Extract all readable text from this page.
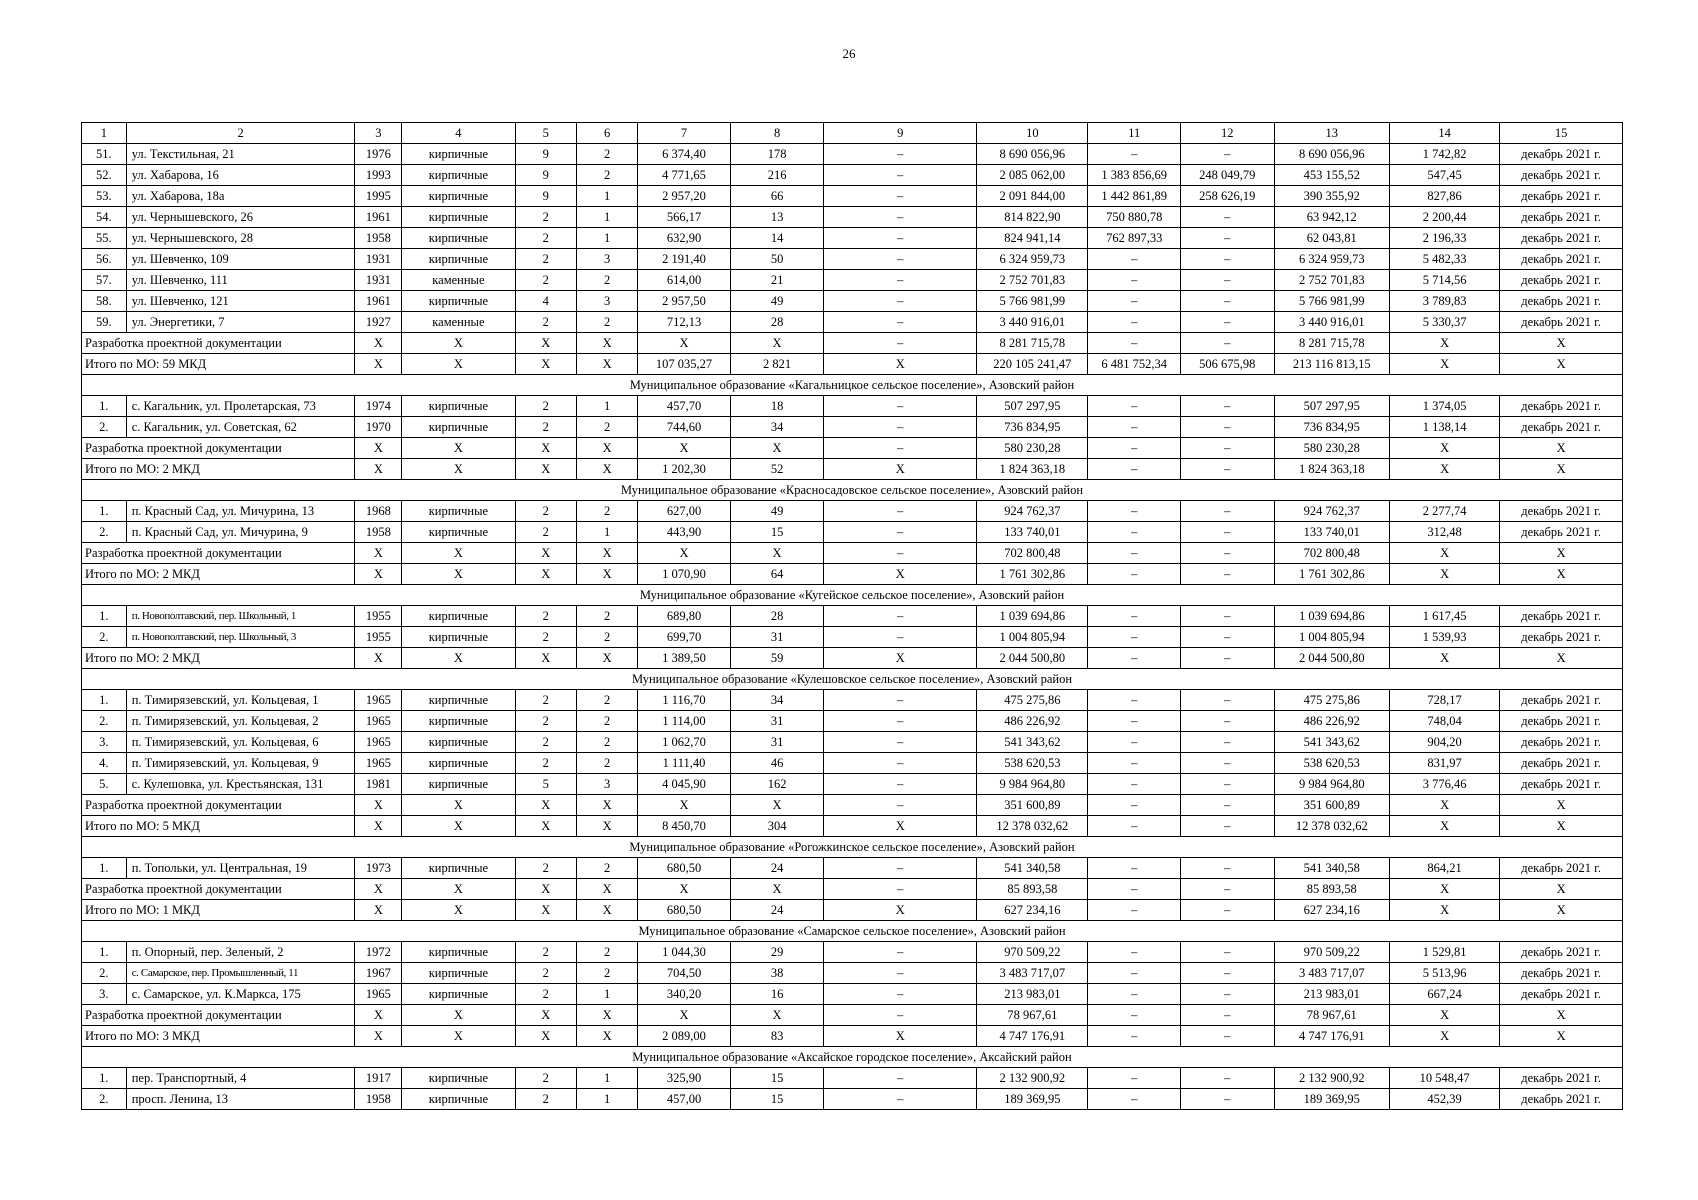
26
1	2	3	4	5	6	7	8	9	10	11	12	13	14	15
51.	ул. Текстильная, 21	1976	кирпичные	9	2	6 374,40	178	–	8 690 056,96	–	–	8 690 056,96	1 742,82	декабрь 2021 г.
52.	ул. Хабарова, 16	1993	кирпичные	9	2	4 771,65	216	–	2 085 062,00	1 383 856,69	248 049,79	453 155,52	547,45	декабрь 2021 г.
53.	ул. Хабарова, 18а	1995	кирпичные	9	1	2 957,20	66	–	2 091 844,00	1 442 861,89	258 626,19	390 355,92	827,86	декабрь 2021 г.
54.	ул. Чернышевского, 26	1961	кирпичные	2	1	566,17	13	–	814 822,90	750 880,78	–	63 942,12	2 200,44	декабрь 2021 г.
55.	ул. Чернышевского, 28	1958	кирпичные	2	1	632,90	14	–	824 941,14	762 897,33	–	62 043,81	2 196,33	декабрь 2021 г.
56.	ул. Шевченко, 109	1931	кирпичные	2	3	2 191,40	50	–	6 324 959,73	–	–	6 324 959,73	5 482,33	декабрь 2021 г.
57.	ул. Шевченко, 111	1931	каменные	2	2	614,00	21	–	2 752 701,83	–	–	2 752 701,83	5 714,56	декабрь 2021 г.
58.	ул. Шевченко, 121	1961	кирпичные	4	3	2 957,50	49	–	5 766 981,99	–	–	5 766 981,99	3 789,83	декабрь 2021 г.
59.	ул. Энергетики, 7	1927	каменные	2	2	712,13	28	–	3 440 916,01	–	–	3 440 916,01	5 330,37	декабрь 2021 г.
Разработка проектной документации		X	X	X	X	X	X	–	8 281 715,78	–	–	8 281 715,78	X	X
Итого по МО: 59 МКД		X	X	X	X	107 035,27	2 821	X	220 105 241,47	6 481 752,34	506 675,98	213 116 813,15	X	X
Муниципальное образование «Кагальницкое сельское поселение», Азовский район														
1.	с. Кагальник, ул. Пролетарская, 73	1974	кирпичные	2	1	457,70	18	–	507 297,95	–	–	507 297,95	1 374,05	декабрь 2021 г.
2.	с. Кагальник, ул. Советская, 62	1970	кирпичные	2	2	744,60	34	–	736 834,95	–	–	736 834,95	1 138,14	декабрь 2021 г.
Разработка проектной документации		X	X	X	X	X	X	–	580 230,28	–	–	580 230,28	X	X
Итого по МО: 2 МКД		X	X	X	X	1 202,30	52	X	1 824 363,18	–	–	1 824 363,18	X	X
Муниципальное образование «Красносадовское сельское поселение», Азовский район														
1.	п. Красный Сад, ул. Мичурина, 13	1968	кирпичные	2	2	627,00	49	–	924 762,37	–	–	924 762,37	2 277,74	декабрь 2021 г.
2.	п. Красный Сад, ул. Мичурина, 9	1958	кирпичные	2	1	443,90	15	–	133 740,01	–	–	133 740,01	312,48	декабрь 2021 г.
Разработка проектной документации		X	X	X	X	X	X	–	702 800,48	–	–	702 800,48	X	X
Итого по МО: 2 МКД		X	X	X	X	1 070,90	64	X	1 761 302,86	–	–	1 761 302,86	X	X
Муниципальное образование «Кугейское сельское поселение», Азовский район														
1.	п. Новополтавский, пер. Школьный, 1	1955	кирпичные	2	2	689,80	28	–	1 039 694,86	–	–	1 039 694,86	1 617,45	декабрь 2021 г.
2.	п. Новополтавский, пер. Школьный, 3	1955	кирпичные	2	2	699,70	31	–	1 004 805,94	–	–	1 004 805,94	1 539,93	декабрь 2021 г.
Итого по МО: 2 МКД		X	X	X	X	1 389,50	59	X	2 044 500,80	–	–	2 044 500,80	X	X
Муниципальное образование «Кулешовское сельское поселение», Азовский район														
1.	п. Тимирязевский, ул. Кольцевая, 1	1965	кирпичные	2	2	1 116,70	34	–	475 275,86	–	–	475 275,86	728,17	декабрь 2021 г.
2.	п. Тимирязевский, ул. Кольцевая, 2	1965	кирпичные	2	2	1 114,00	31	–	486 226,92	–	–	486 226,92	748,04	декабрь 2021 г.
3.	п. Тимирязевский, ул. Кольцевая, 6	1965	кирпичные	2	2	1 062,70	31	–	541 343,62	–	–	541 343,62	904,20	декабрь 2021 г.
4.	п. Тимирязевский, ул. Кольцевая, 9	1965	кирпичные	2	2	1 111,40	46	–	538 620,53	–	–	538 620,53	831,97	декабрь 2021 г.
5.	с. Кулешовка, ул. Крестьянская, 131	1981	кирпичные	5	3	4 045,90	162	–	9 984 964,80	–	–	9 984 964,80	3 776,46	декабрь 2021 г.
Разработка проектной документации		X	X	X	X	X	X	–	351 600,89	–	–	351 600,89	X	X
Итого по МО: 5 МКД		X	X	X	X	8 450,70	304	X	12 378 032,62	–	–	12 378 032,62	X	X
Муниципальное образование «Рогожкинское сельское поселение», Азовский район														
1.	п. Топольки, ул. Центральная, 19	1973	кирпичные	2	2	680,50	24	–	541 340,58	–	–	541 340,58	864,21	декабрь 2021 г.
Разработка проектной документации		X	X	X	X	X	X	–	85 893,58	–	–	85 893,58	X	X
Итого по МО: 1 МКД		X	X	X	X	680,50	24	X	627 234,16	–	–	627 234,16	X	X
Муниципальное образование «Самарское сельское поселение», Азовский район														
1.	п. Опорный, пер. Зеленый, 2	1972	кирпичные	2	2	1 044,30	29	–	970 509,22	–	–	970 509,22	1 529,81	декабрь 2021 г.
2.	с. Самарское, пер. Промышленный, 11	1967	кирпичные	2	2	704,50	38	–	3 483 717,07	–	–	3 483 717,07	5 513,96	декабрь 2021 г.
3.	с. Самарское, ул. К.Маркса, 175	1965	кирпичные	2	1	340,20	16	–	213 983,01	–	–	213 983,01	667,24	декабрь 2021 г.
Разработка проектной документации		X	X	X	X	X	X	–	78 967,61	–	–	78 967,61	X	X
Итого по МО: 3 МКД		X	X	X	X	2 089,00	83	X	4 747 176,91	–	–	4 747 176,91	X	X
Муниципальное образование «Аксайское городское поселение», Аксайский район														
1.	пер. Транспортный, 4	1917	кирпичные	2	1	325,90	15	–	2 132 900,92	–	–	2 132 900,92	10 548,47	декабрь 2021 г.
2.	просп. Ленина, 13	1958	кирпичные	2	1	457,00	15	–	189 369,95	–	–	189 369,95	452,39	декабрь 2021 г.
